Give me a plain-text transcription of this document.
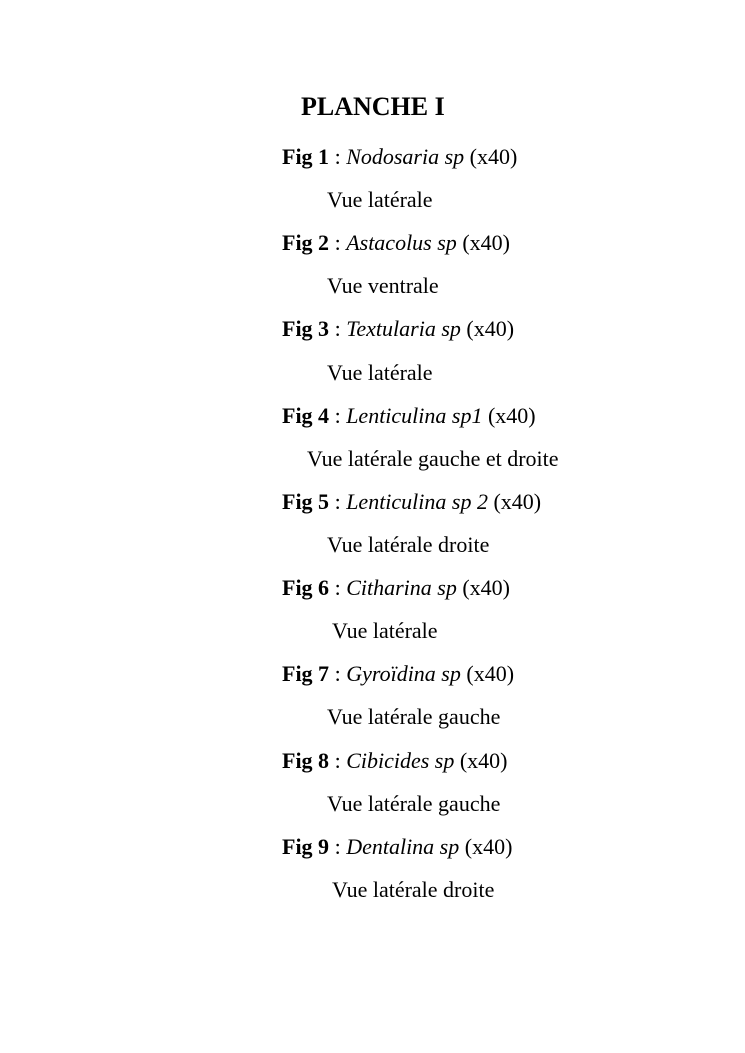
PLANCHE I
Fig 1 : Nodosaria sp (x40)
Vue latérale
Fig 2 : Astacolus sp (x40)
Vue ventrale
Fig 3 : Textularia sp (x40)
Vue latérale
Fig 4 : Lenticulina sp1 (x40)
Vue latérale gauche et droite
Fig 5 : Lenticulina sp 2 (x40)
Vue latérale droite
Fig 6 : Citharina sp (x40)
Vue latérale
Fig 7 : Gyroïdina sp (x40)
Vue latérale gauche
Fig 8 : Cibicides sp (x40)
Vue latérale gauche
Fig 9 : Dentalina sp (x40)
Vue latérale droite
